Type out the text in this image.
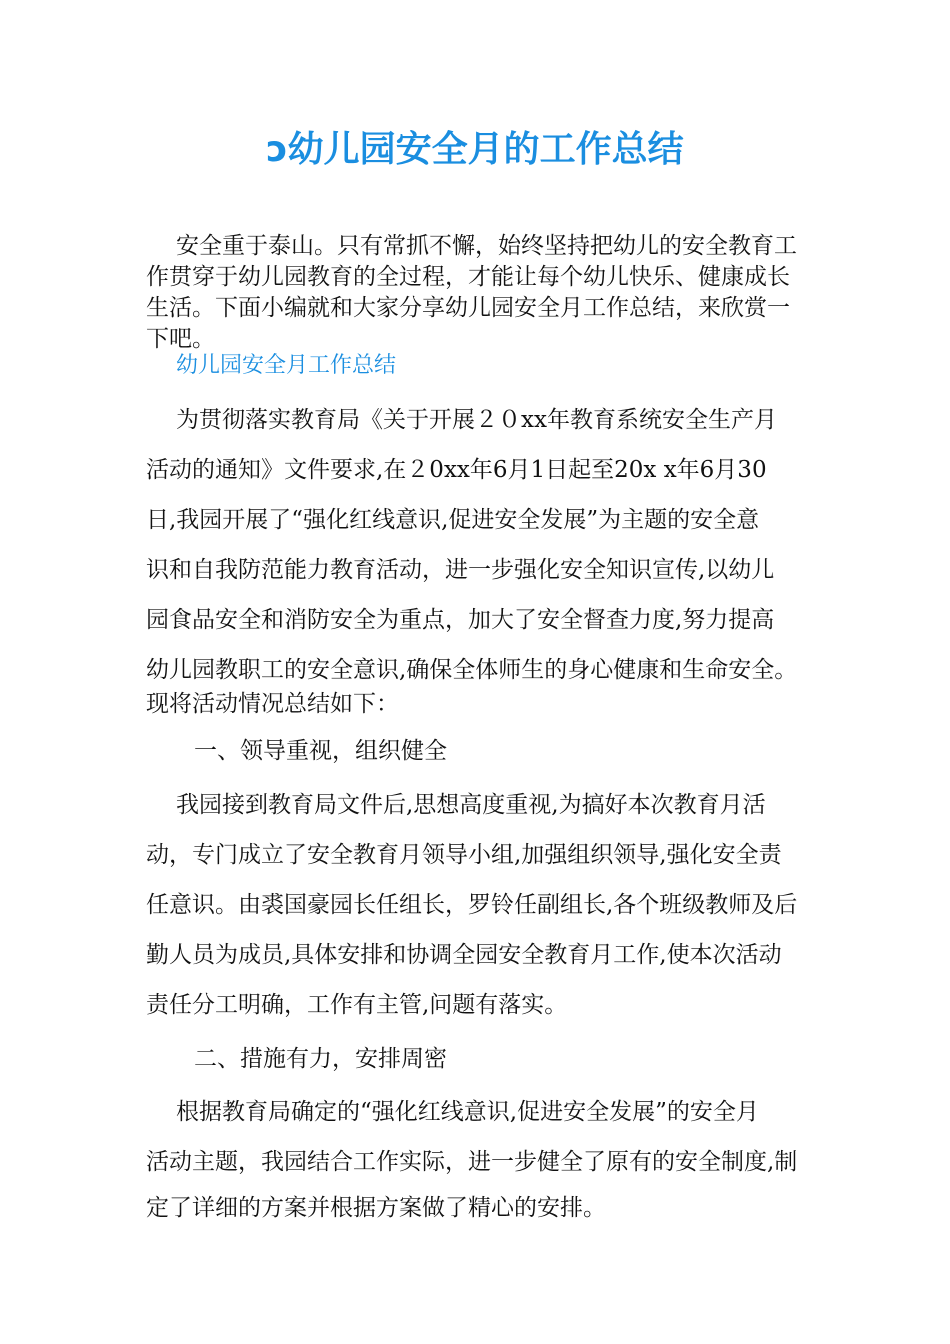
ↄ幼儿园安全月的工作总结

安全重于泰山。只有常抓不懈，始终坚持把幼儿的安全教育工作贯穿于幼儿园教育的全过程，才能让每个幼儿快乐、健康成长生活。下面小编就和大家分享幼儿园安全月工作总结，来欣赏一下吧。

幼儿园安全月工作总结

为贯彻落实教育局《关于开展２０xx年教育系统安全生产月

活动的通知》文件要求,在２0xx年6月1日起至20x x年6月30

日,我园开展了“强化红线意识,促进安全发展”为主题的安全意

识和自我防范能力教育活动，进一步强化安全知识宣传,以幼儿

园食品安全和消防安全为重点，加大了安全督查力度,努力提高

幼儿园教职工的安全意识,确保全体师生的身心健康和生命安全。

现将活动情况总结如下：

一、领导重视，组织健全

我园接到教育局文件后,思想高度重视,为搞好本次教育月活

动，专门成立了安全教育月领导小组,加强组织领导,强化安全责

任意识。由裘国豪园长任组长，罗铃任副组长,各个班级教师及后

勤人员为成员,具体安排和协调全园安全教育月工作,使本次活动

责任分工明确，工作有主管,问题有落实。

二、措施有力，安排周密

根据教育局确定的“强化红线意识,促进安全发展”的安全月

活动主题，我园结合工作实际，进一步健全了原有的安全制度,制

定了详细的方案并根据方案做了精心的安排。
